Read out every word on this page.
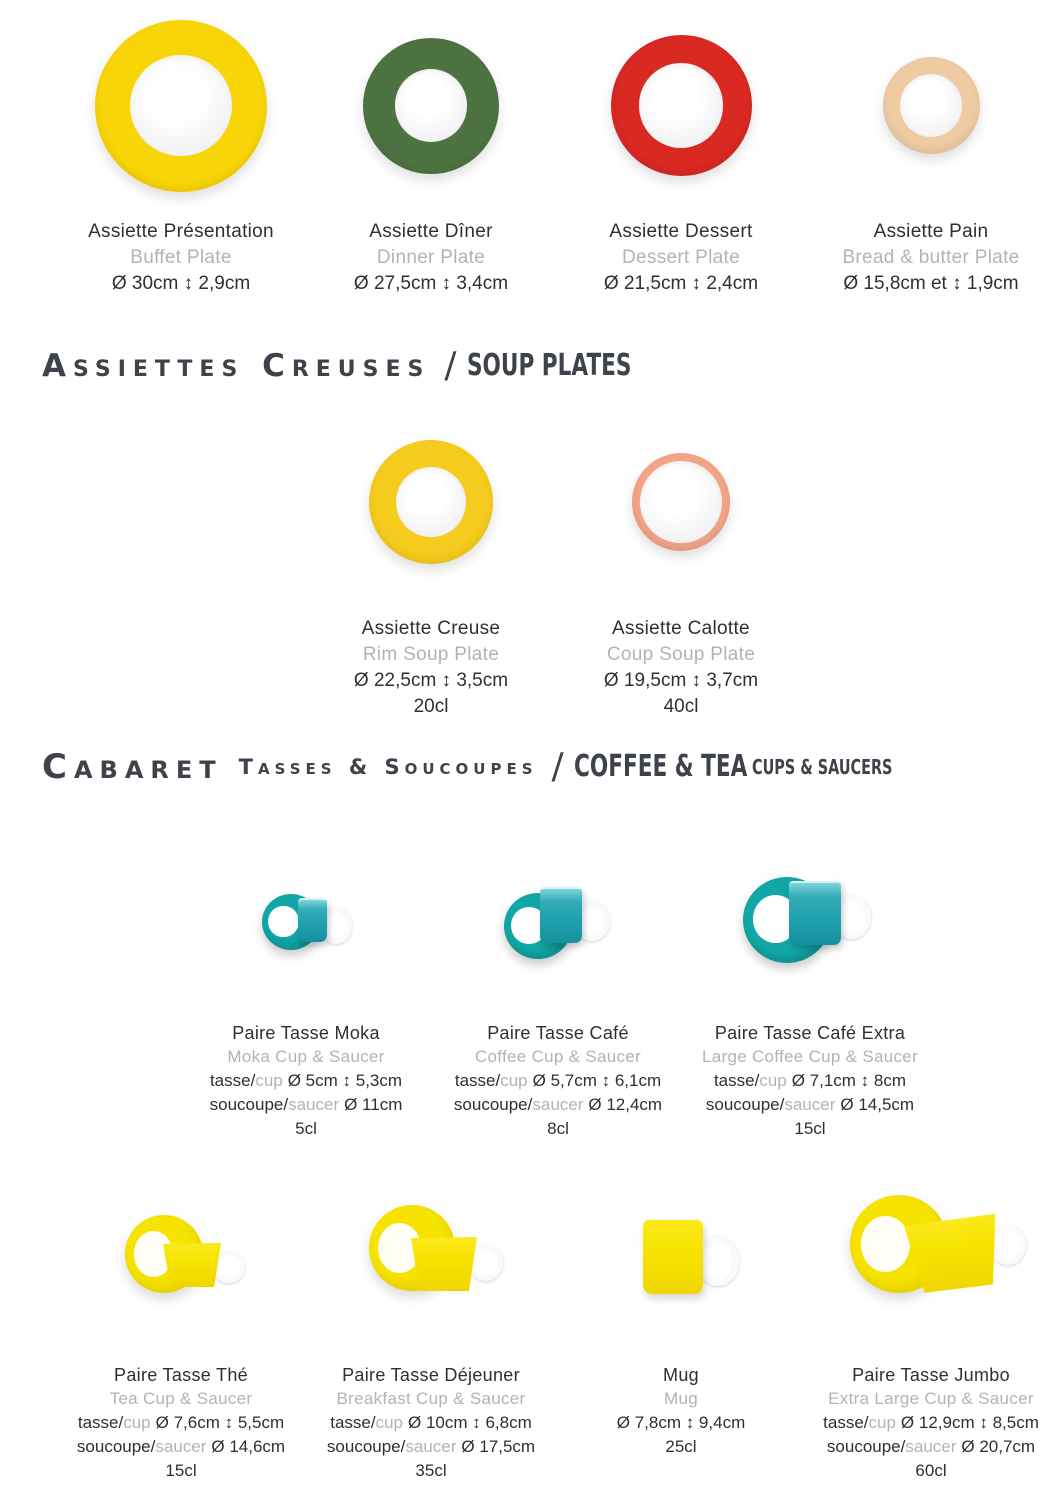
Assiette Présentation
Buffet Plate
Ø 30cm ↕ 2,9cm
Assiette Dîner
Dinner Plate
Ø 27,5cm ↕ 3,4cm
Assiette Dessert
Dessert Plate
Ø 21,5cm ↕ 2,4cm
Assiette Pain
Bread & butter Plate
Ø 15,8cm et ↕ 1,9cm
Assiettes Creuses / SOUP PLATES
Assiette Creuse
Rim Soup Plate
Ø 22,5cm ↕ 3,5cm
20cl
Assiette Calotte
Coup Soup Plate
Ø 19,5cm ↕ 3,7cm
40cl
Cabaret Tasses & Soucoupes / COFFEE & TEA CUPS & SAUCERS
Paire Tasse Moka
Moka Cup & Saucer
tasse/cup Ø 5cm ↕ 5,3cm
soucoupe/saucer Ø 11cm
5cl
Paire Tasse Café
Coffee Cup & Saucer
tasse/cup Ø 5,7cm ↕ 6,1cm
soucoupe/saucer Ø 12,4cm
8cl
Paire Tasse Café Extra
Large Coffee Cup & Saucer
tasse/cup Ø 7,1cm ↕ 8cm
soucoupe/saucer Ø 14,5cm
15cl
Paire Tasse Thé
Tea Cup & Saucer
tasse/cup Ø 7,6cm ↕ 5,5cm
soucoupe/saucer Ø 14,6cm
15cl
Paire Tasse Déjeuner
Breakfast Cup & Saucer
tasse/cup Ø 10cm ↕ 6,8cm
soucoupe/saucer Ø 17,5cm
35cl
Mug
Mug
Ø 7,8cm ↕ 9,4cm
25cl
Paire Tasse Jumbo
Extra Large Cup & Saucer
tasse/cup Ø 12,9cm ↕ 8,5cm
soucoupe/saucer Ø 20,7cm
60cl
